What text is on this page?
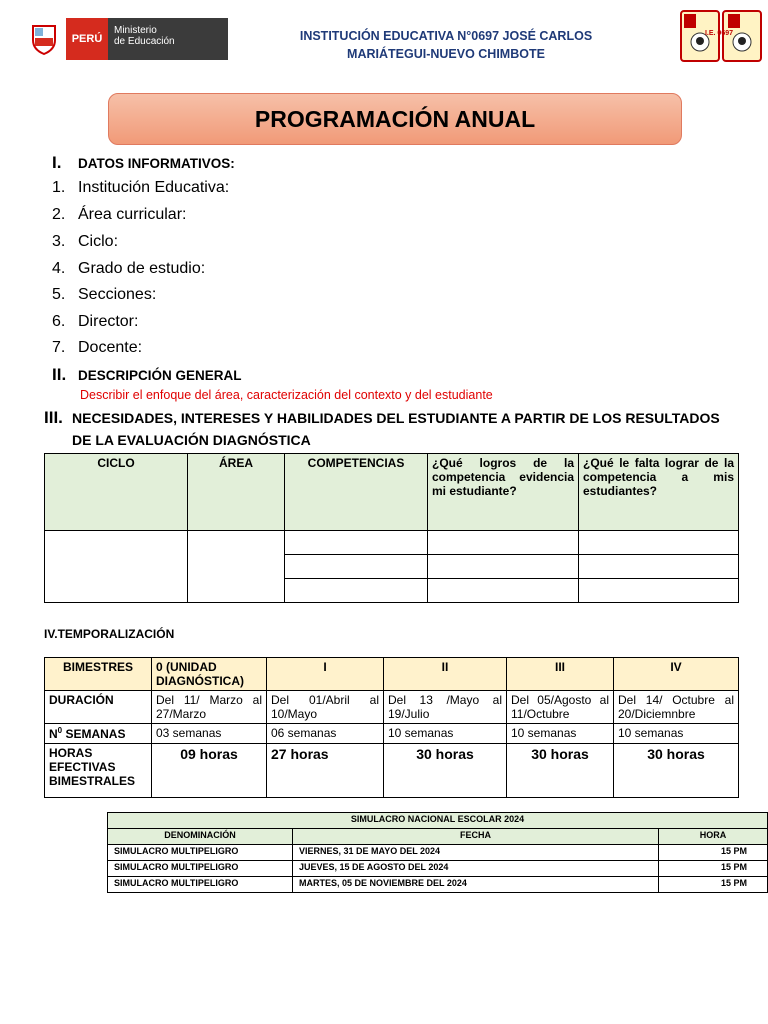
PERÚ
Ministerio
de Educación	INSTITUCIÓN EDUCATIVA N°0697 JOSÉ CARLOS
MARIÁTEGUI-NUEVO CHIMBOTE
I.E. 0697
PROGRAMACIÓN ANUAL
I. DATOS INFORMATIVOS:
1. Institución Educativa:
2. Área curricular:
3. Ciclo:
4. Grado de estudio:
5. Secciones:
6. Director:
7. Docente:
II. DESCRIPCIÓN GENERAL
Describir el enfoque del área, caracterización del contexto y del estudiante
III. NECESIDADES, INTERESES Y HABILIDADES DEL ESTUDIANTE A PARTIR DE LOS RESULTADOS
DE LA EVALUACIÓN DIAGNÓSTICA
CICLO	ÁREA	COMPETENCIAS	¿Qué logros de la competencia evidencia mi estudiante?	¿Qué le falta lograr de la competencia a mis estudiantes?

IV.TEMPORALIZACIÓN
BIMESTRES	0 (UNIDAD DIAGNÓSTICA)	I	II	III	IV
DURACIÓN	Del 11/ Marzo al 27/Marzo	Del 01/Abril al 10/Mayo	Del 13 /Mayo al 19/Julio	Del 05/Agosto al 11/Octubre	Del 14/ Octubre al 20/Diciemnbre
$N^0$ SEMANAS	03 semanas	06 semanas	10 semanas	10 semanas	10 semanas
HORAS EFECTIVAS BIMESTRALES	09 horas	27 horas	30 horas	30 horas	30 horas
SIMULACRO NACIONAL ESCOLAR 2024		
DENOMINACIÓN	FECHA	HORA
SIMULACRO MULTIPELIGRO	VIERNES, 31 DE MAYO DEL 2024	15 PM
SIMULACRO MULTIPELIGRO	JUEVES, 15 DE AGOSTO DEL 2024	15 PM
SIMULACRO MULTIPELIGRO	MARTES, 05 DE NOVIEMBRE DEL 2024	15 PM
